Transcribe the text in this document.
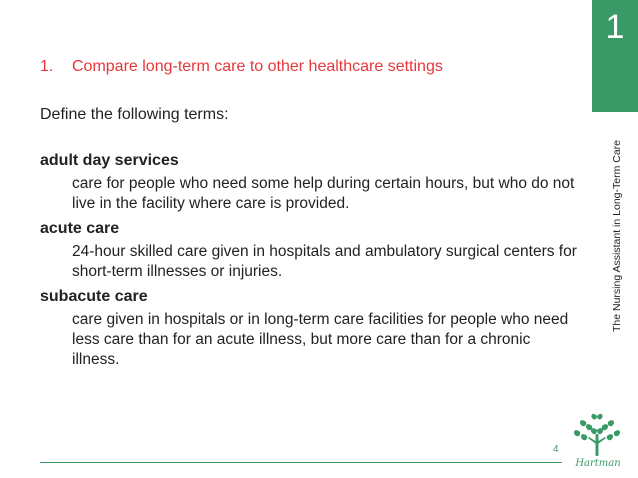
1
The Nursing Assistant in Long-Term Care
1. Compare long-term care to other healthcare settings
Define the following terms:
adult day services
care for people who need some help during certain hours, but who do not live in the facility where care is provided.
acute care
24-hour skilled care given in hospitals and ambulatory surgical centers for short-term illnesses or injuries.
subacute care
care given in hospitals or in long-term care facilities for people who need less care than for an acute illness, but more care than for a chronic illness.
4
Hartman
